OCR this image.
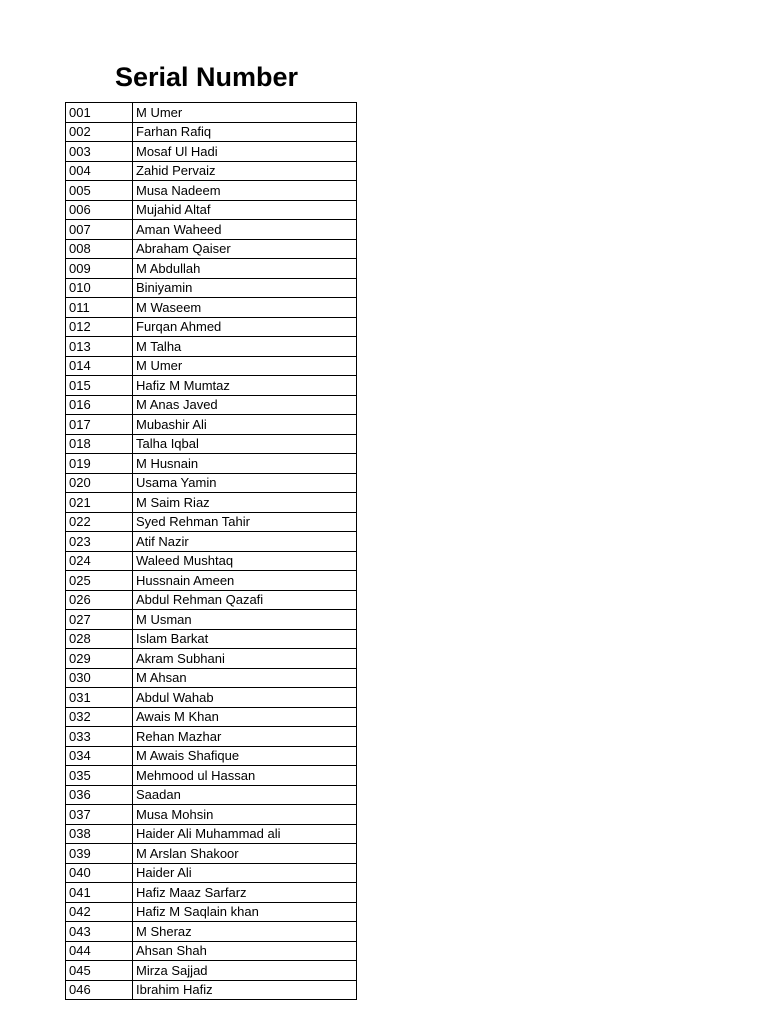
Serial Number
001	M Umer
002	Farhan Rafiq
003	Mosaf Ul Hadi
004	Zahid Pervaiz
005	Musa Nadeem
006	Mujahid Altaf
007	Aman Waheed
008	Abraham Qaiser
009	M Abdullah
010	Biniyamin
011	M Waseem
012	Furqan Ahmed
013	M Talha
014	M Umer
015	Hafiz M Mumtaz
016	M Anas Javed
017	Mubashir Ali
018	Talha Iqbal
019	M Husnain
020	Usama Yamin
021	M Saim Riaz
022	Syed Rehman Tahir
023	Atif Nazir
024	Waleed Mushtaq
025	Hussnain Ameen
026	Abdul Rehman Qazafi
027	M Usman
028	Islam Barkat
029	Akram Subhani
030	M Ahsan
031	Abdul Wahab
032	Awais M Khan
033	Rehan Mazhar
034	M Awais Shafique
035	Mehmood ul Hassan
036	Saadan
037	Musa Mohsin
038	Haider Ali Muhammad ali
039	M Arslan Shakoor
040	Haider Ali
041	Hafiz Maaz Sarfarz
042	Hafiz M Saqlain khan
043	M Sheraz
044	Ahsan Shah
045	Mirza Sajjad
046	Ibrahim Hafiz
